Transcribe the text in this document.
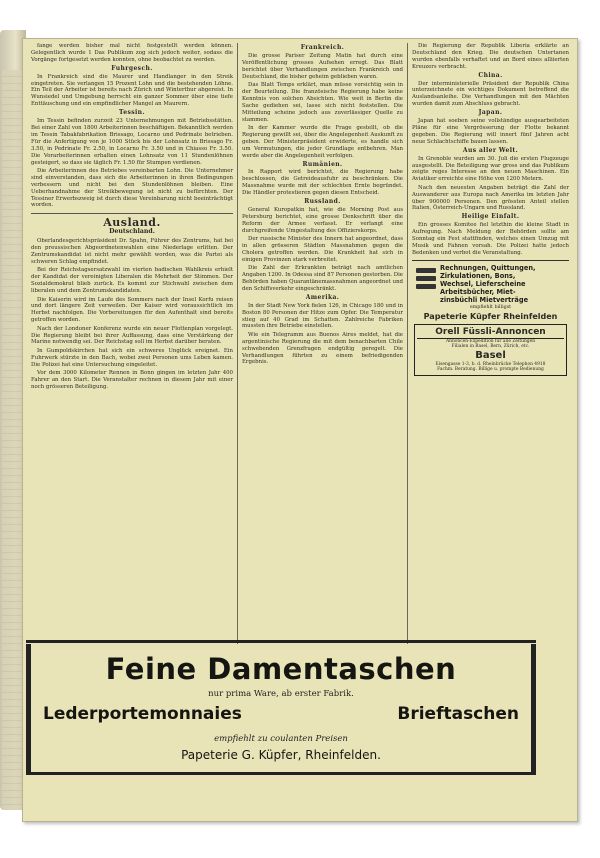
fange werden bisher mal nicht festgestellt werden können. Gelegentlich wurde 1 Das Publikum zog sich jedoch weiter, sodass die Vorgänge fortgesetzt werden konnten, ohne beobachtet zu werden.

Fuhrgesch.

In Frankreich sind die Maurer und Handlanger in den Streik eingetreten. Sie verlangen 15 Prozent Lohn und die bestehenden Löhne. Ein Teil der Arbeiter ist bereits nach Zürich und Winterthur abgereist. In Wunsiedel und Umgebung herrscht ein ganzer Sommer über eine tiefe Enttäuschung und ein empfindlicher Mangel an Maurern.

Tessin.

Im Tessin befinden zurzeit 23 Unternehmungen mit Betriebsstätten. Bei einer Zahl von 1800 Arbeiterinnen beschäftigen. Bekanntlich werden im Tessin Tabakfabrikation Brissago, Locarno und Pedrinate betrieben. Für die Anfertigung von je 1000 Stück bis der Lohnsatz in Brissago Fr. 3.50, in Pedrinate Fr. 2.50, in Locarno Fr. 3.50 und in Chiasso Fr. 3.50. Die Vorarbeiterinnen erhalten einen Lohnsatz von 11 Stundenlöhnen gesteigert, so dass sie täglich Fr. 1.50 für Stumpen verdienen.

Die Arbeiterinnen des Betriebes vereinbarten Lohn. Die Unternehmer sind einverstanden, dass sich die Arbeiterinnen in ihren Bedingungen verbessern und nicht bei den Stundenlöhnen bleiben. Eine Ueberhandnahme der Streikbewegung ist nicht zu befürchten. Der Tessiner Erwerbszweig ist durch diese Vereinbarung nicht beeinträchtigt worden.

Ausland.
Deutschland.

Oberlandesgerichtspräsident Dr. Spahn, Führer des Zentrums, hat bei den preussischen Abgeordnetenwahlen eine Niederlage erlitten. Der Zentrumskandidat ist nicht mehr gewählt worden, was die Partei als schweren Schlag empfindet.

Bei der Reichstagsersatzwahl im vierten badischen Wahlkreis erhielt der Kandidat der vereinigten Liberalen die Mehrheit der Stimmen. Der Sozialdemokrat blieb zurück. Es kommt zur Stichwahl zwischen dem liberalen und dem Zentrumskandidaten.

Die Kaiserin wird im Laufe des Sommers nach der Insel Korfu reisen und dort längere Zeit verweilen. Der Kaiser wird voraussichtlich im Herbst nachfolgen. Die Vorbereitungen für den Aufenthalt sind bereits getroffen worden.

Nach der Londoner Konferenz wurde ein neuer Flottenplan vorgelegt. Die Regierung bleibt bei ihrer Auffassung, dass eine Verstärkung der Marine notwendig sei. Der Reichstag soll im Herbst darüber beraten.

In Gumpoldskirchen hat sich ein schweres Unglück ereignet. Ein Fuhrwerk stürzte in den Bach, wobei zwei Personen ums Leben kamen. Die Polizei hat eine Untersuchung eingeleitet.

Vor dem 3000 Kilometer Rennen in Bonn gingen im letzten Jahr 400 Fahrer an den Start. Die Veranstalter rechnen in diesem Jahr mit einer noch grösseren Beteiligung.

Frankreich.

Die grosse Pariser Zeitung Matin hat durch eine Veröffentlichung grosses Aufsehen erregt. Das Blatt berichtet über Verhandlungen zwischen Frankreich und Deutschland, die bisher geheim geblieben waren.

Das Blatt Temps erklärt, man müsse vorsichtig sein in der Beurteilung. Die französische Regierung habe keine Kenntnis von solchen Absichten. Wie weit in Berlin die Sache gediehen sei, lasse sich nicht feststellen. Die Mitteilung scheine jedoch aus zuverlässiger Quelle zu stammen.

In der Kammer wurde die Frage gestellt, ob die Regierung gewillt sei, über die Angelegenheit Auskunft zu geben. Der Ministerpräsident erwiderte, es handle sich um Vermutungen, die jeder Grundlage entbehren. Man werde aber die Angelegenheit verfolgen.

Rumänien.

In Rapport wird berichtet, die Regierung habe beschlossen, die Getreideausfuhr zu beschränken. Die Massnahme wurde mit der schlechten Ernte begründet. Die Händler protestieren gegen diesen Entscheid.

Russland.

General Kuropatkin hat, wie die Morning Post aus Petersburg berichtet, eine grosse Denkschrift über die Reform der Armee verfasst. Er verlangt eine durchgreifende Umgestaltung des Offizierskorps.

Der russische Minister des Innern hat angeordnet, dass in allen grösseren Städten Massnahmen gegen die Cholera getroffen werden. Die Krankheit hat sich in einigen Provinzen stark verbreitet.

Die Zahl der Erkrankten beträgt nach amtlichen Angaben 1200. In Odessa sind 87 Personen gestorben. Die Behörden haben Quarantänemassnahmen angeordnet und den Schiffsverkehr eingeschränkt.

Amerika.

In der Stadt New York fielen 126, in Chicago 180 und in Boston 80 Personen der Hitze zum Opfer. Die Temperatur stieg auf 40 Grad im Schatten. Zahlreiche Fabriken mussten ihre Betriebe einstellen.

Wie ein Telegramm aus Buenos Aires meldet, hat die argentinische Regierung die mit dem benachbarten Chile schwebenden Grenzfragen endgültig geregelt. Die Verhandlungen führten zu einem befriedigenden Ergebnis.

Die Regierung der Republik Liberia erklärte an Deutschland den Krieg. Die deutschen Untertanen wurden ebenfalls verhaftet und an Bord eines alliierten Kreuzers verbracht.

China.

Der interministerielle Präsident der Republik China unterzeichnete ein wichtiges Dokument betreffend die Auslandsanleihe. Die Verhandlungen mit den Mächten wurden damit zum Abschluss gebracht.

Japan.

Japan hat soeben seine vollständige ausgearbeiteten Pläne für eine Vergrösserung der Flotte bekannt gegeben. Die Regierung will innert fünf Jahren acht neue Schlachtschiffe bauen lassen.

Aus aller Welt.

In Grenoble wurden am 30. Juli die ersten Flugzeuge ausgestellt. Die Beteiligung war gross und das Publikum zeigte reges Interesse an den neuen Maschinen. Ein Aviatiker erreichte eine Höhe von 1200 Metern.

Nach den neuesten Angaben beträgt die Zahl der Auswanderer aus Europa nach Amerika im letzten Jahr über 900000 Personen. Den grössten Anteil stellen Italien, Österreich-Ungarn und Russland.

Heilige Einfalt.

Ein grosses Komitee fiel letzthin die kleine Stadt in Aufregung. Nach Meldung der Behörden sollte am Sonntag ein Fest stattfinden, welches einen Umzug mit Musik und Fahnen vorsah. Die Polizei hatte jedoch Bedenken und verbot die Veranstaltung.

Rechnungen, Quittungen,
Zirkulationen, Bons,
Wechsel, Lieferscheine
Arbeitsbücher, Miet-
zinsbüchli Mietverträge
empfiehlt billigst
Papeterie Küpfer Rheinfelden
Orell Füssli-Annoncen
Annoncen-Expedition für alle Zeitungen
Filialen in Basel, Bern, Zürich, etc.
Basel
Eisengasse 1-3, b. d. Rheinbrücke Telephon 4918
Fachm. Beratung. Billige u. prompte Bedienung
Feine Damentaschen
nur prima Ware, ab erster Fabrik.
Lederportemonnaies	Brieftaschen
empfiehlt zu coulanten Preisen
Papeterie G. Küpfer, Rheinfelden.
